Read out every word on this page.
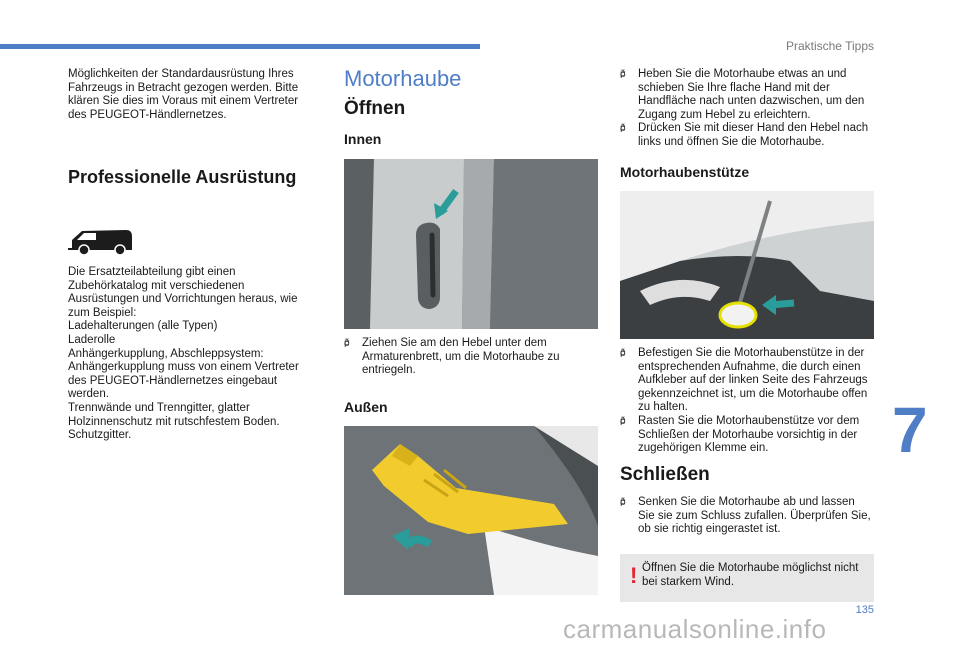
Praktische Tipps

Möglichkeiten der Standardausrüstung Ihres Fahrzeugs in Betracht gezogen werden. Bitte klären Sie dies im Voraus mit einem Vertreter des PEUGEOT-Händlernetzes.

Professionelle Ausrüstung
Die Ersatzteilabteilung gibt einen
Zubehörkatalog mit verschiedenen
Ausrüstungen und Vorrichtungen heraus, wie
zum Beispiel:
Ladehalterungen (alle Typen)
Laderolle
Anhängerkupplung, Abschleppsystem:
Anhängerkupplung muss von einem Vertreter
des PEUGEOT-Händlernetzes eingebaut
werden.
Trennwände und Trenngitter, glatter
Holzinnenschutz mit rutschfestem Boden.
Schutzgitter.
Motorhaube
Öffnen
Innen
ð F Ziehen Sie am den Hebel unter dem Armaturenbrett, um die Motorhaube zu entriegeln.
Außen
ð F Heben Sie die Motorhaube etwas an und schieben Sie Ihre flache Hand mit der Handfläche nach unten dazwischen, um den Zugang zum Hebel zu erleichtern.
ð F Drücken Sie mit dieser Hand den Hebel nach links und öffnen Sie die Motorhaube.
Motorhaubenstütze
ð F Befestigen Sie die Motorhaubenstütze in der entsprechenden Aufnahme, die durch einen Aufkleber auf der linken Seite des Fahrzeugs gekennzeichnet ist, um die Motorhaube offen zu halten.
ð F Rasten Sie die Motorhaubenstütze vor dem Schließen der Motorhaube vorsichtig in der zugehörigen Klemme ein.
Schließen
ð F Senken Sie die Motorhaube ab und lassen Sie sie zum Schluss zufallen. Überprüfen Sie, ob sie richtig eingerastet ist.
! Öffnen Sie die Motorhaube möglichst nicht bei starkem Wind.
7
135
carmanualsonline.info
